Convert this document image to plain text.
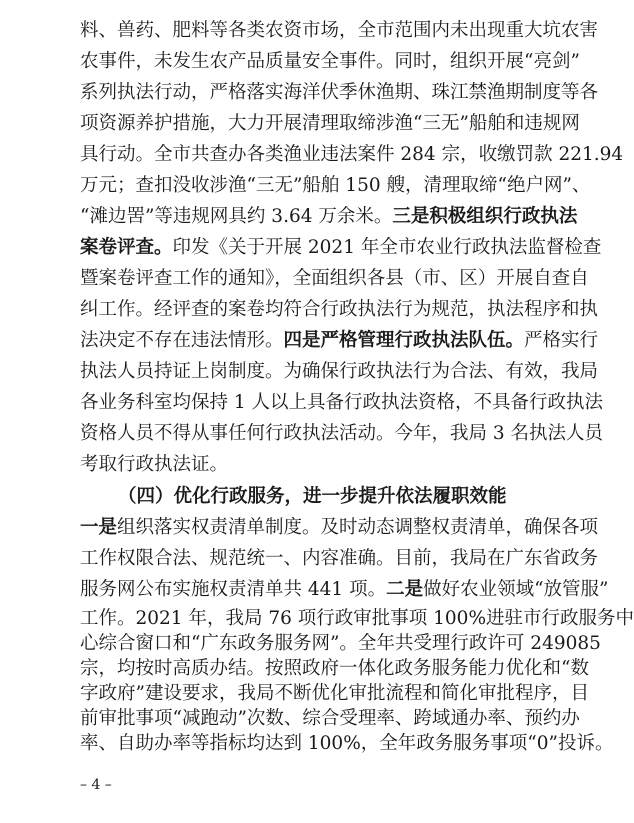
料、兽药、肥料等各类农资市场，全市范围内未出现重大坑农害
农事件，未发生农产品质量安全事件。同时，组织开展“亮剑”
系列执法行动，严格落实海洋伏季休渔期、珠江禁渔期制度等各
项资源养护措施，大力开展清理取缔涉渔“三无”船舶和违规网
具行动。全市共查办各类渔业违法案件 284 宗，收缴罚款 221.94
万元；查扣没收涉渔“三无”船舶 150 艘，清理取缔“绝户网”、
“滩边罟”等违规网具约 3.64 万余米。三是积极组织行政执法
案卷评查。印发《关于开展 2021 年全市农业行政执法监督检查
暨案卷评查工作的通知》，全面组织各县（市、区）开展自查自
纠工作。经评查的案卷均符合行政执法行为规范，执法程序和执
法决定不存在违法情形。四是严格管理行政执法队伍。严格实行
执法人员持证上岗制度。为确保行政执法行为合法、有效，我局
各业务科室均保持 1 人以上具备行政执法资格，不具备行政执法
资格人员不得从事任何行政执法活动。今年，我局 3 名执法人员
考取行政执法证。
（四）优化行政服务，进一步提升依法履职效能
一是组织落实权责清单制度。及时动态调整权责清单，确保各项
工作权限合法、规范统一、内容准确。目前，我局在广东省政务
服务网公布实施权责清单共 441 项。二是做好农业领域“放管服”
工作。2021 年，我局 76 项行政审批事项 100%进驻市行政服务中
心综合窗口和“广东政务服务网”。全年共受理行政许可 249085
宗，均按时高质办结。按照政府一体化政务服务能力优化和“数
字政府”建设要求，我局不断优化审批流程和简化审批程序，目
前审批事项“减跑动”次数、综合受理率、跨域通办率、预约办
– 4 –
率、自助办率等指标均达到 100%，全年政务服务事项“0”投诉。
